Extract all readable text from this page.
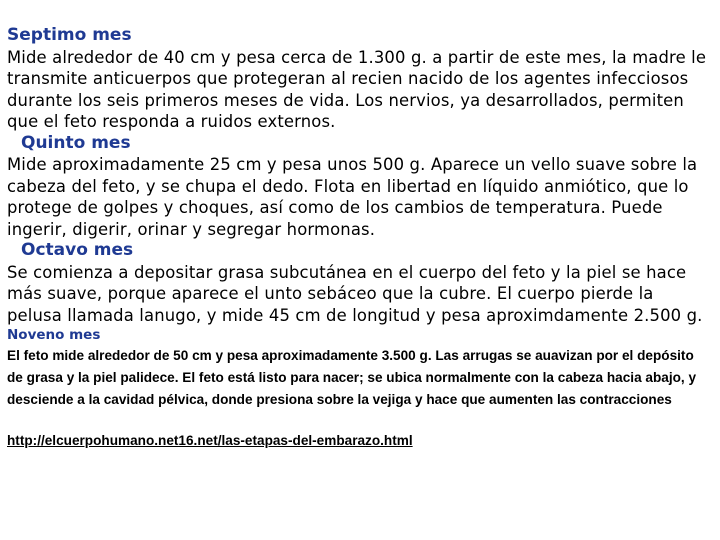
Septimo mes

Mide alrededor de 40 cm y pesa cerca de 1.300 g. a partir de este mes, la madre le transmite anticuerpos que protegeran al recien nacido de los agentes infecciosos durante los seis primeros meses de vida. Los nervios, ya desarrollados, permiten que el feto responda a ruidos externos.

Quinto mes

Mide aproximadamente 25 cm y pesa unos 500 g. Aparece un vello suave sobre la cabeza del feto, y se chupa el dedo. Flota en libertad en líquido anmiótico, que lo protege de golpes y choques, así como de los cambios de temperatura. Puede ingerir, digerir, orinar y segregar hormonas.

Octavo mes

Se comienza a depositar grasa subcutánea en el cuerpo del feto y la piel se hace más suave, porque aparece el unto sebáceo que la cubre. El cuerpo pierde la pelusa llamada lanugo, y mide 45 cm de longitud y pesa aproximdamente 2.500 g.

Noveno mes

El feto mide alrededor de 50 cm y pesa aproximadamente 3.500 g. Las arrugas se auavizan por el depósito de grasa y la piel palidece. El feto está listo para nacer; se ubica normalmente con la cabeza hacia abajo, y desciende a la cavidad pélvica, donde presiona sobre la vejiga y hace que aumenten las contracciones

http://elcuerpohumano.net16.net/las-etapas-del-embarazo.html
